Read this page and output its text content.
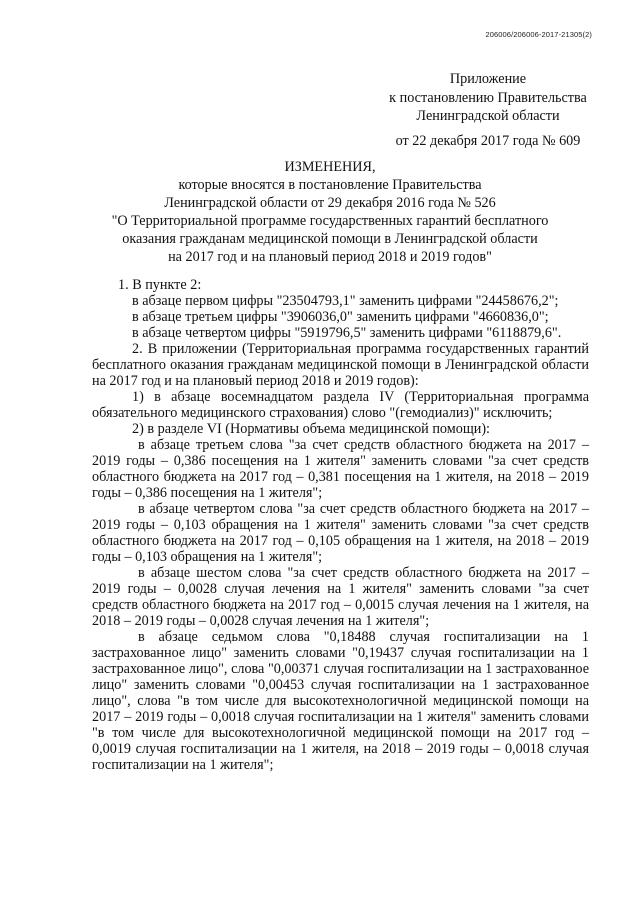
206006/206006-2017-21305(2)
Приложение
к постановлению Правительства
Ленинградской области
от 22 декабря 2017 года № 609
ИЗМЕНЕНИЯ,
которые вносятся в постановление Правительства
Ленинградской области от 29 декабря 2016 года № 526
"О Территориальной программе государственных гарантий бесплатного
оказания гражданам медицинской помощи в Ленинградской области
на 2017 год и на плановый период 2018 и 2019 годов"

1. В пункте 2:

в абзаце первом цифры "23504793,1" заменить цифрами "24458676,2";

в абзаце третьем цифры "3906036,0" заменить цифрами "4660836,0";

в абзаце четвертом цифры "5919796,5" заменить цифрами "6118879,6".

2. В приложении (Территориальная программа государственных гарантий бесплатного оказания гражданам медицинской помощи в Ленинградской области на 2017 год и на плановый период 2018 и 2019 годов):

1) в абзаце восемнадцатом раздела IV (Территориальная программа обязательного медицинского страхования) слово "(гемодиализ)" исключить;

2) в разделе VI (Нормативы объема медицинской помощи):

в абзаце третьем слова "за счет средств областного бюджета на 2017 – 2019 годы – 0,386 посещения на 1 жителя" заменить словами "за счет средств областного бюджета на 2017 год – 0,381 посещения на 1 жителя, на 2018 – 2019 годы – 0,386 посещения на 1 жителя";

в абзаце четвертом слова "за счет средств областного бюджета на 2017 – 2019 годы – 0,103 обращения на 1 жителя" заменить словами "за счет средств областного бюджета на 2017 год – 0,105 обращения на 1 жителя, на 2018 – 2019 годы – 0,103 обращения на 1 жителя";

в абзаце шестом слова "за счет средств областного бюджета на 2017 – 2019 годы – 0,0028 случая лечения на 1 жителя" заменить словами "за счет средств областного бюджета на 2017 год – 0,0015 случая лечения на 1 жителя, на 2018 – 2019 годы – 0,0028 случая лечения на 1 жителя";

в абзаце седьмом слова "0,18488 случая госпитализации на 1 застрахованное лицо" заменить словами "0,19437 случая госпитализации на 1 застрахованное лицо", слова "0,00371 случая госпитализации на 1 застрахованное лицо" заменить словами "0,00453 случая госпитализации на 1 застрахованное лицо", слова "в том числе для высокотехнологичной медицинской помощи на 2017 – 2019 годы – 0,0018 случая госпитализации на 1 жителя" заменить словами "в том числе для высокотехнологичной медицинской помощи на 2017 год – 0,0019 случая госпитализации на 1 жителя, на 2018 – 2019 годы – 0,0018 случая госпитализации на 1 жителя";
